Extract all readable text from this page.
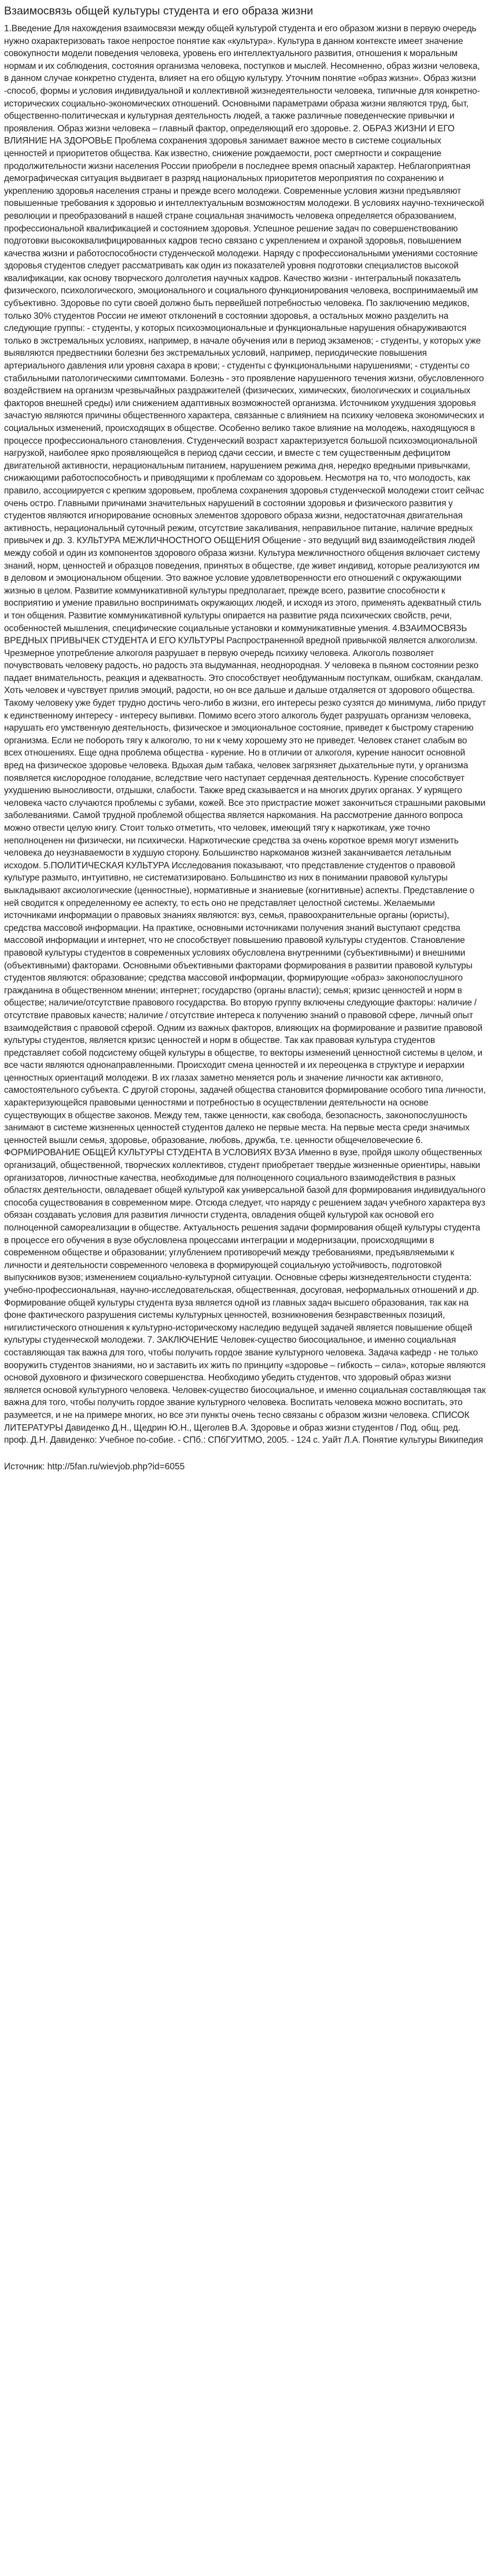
Взаимосвязь общей культуры студента и его образа жизни

1.Введение Для нахождения взаимосвязи между общей культурой студента и его образом жизни в первую очередь нужно охарактеризовать такое непростое понятие как «культура». Культура в данном контексте имеет значение совокупности модели поведения человека, уровень его интеллектуального развития, отношения к моральным нормам и их соблюдения, состояния организма человека, поступков и мыслей. Несомненно, образ жизни человека, в данном случае конкретно студента, влияет на его общую культуру. Уточним понятие «образ жизни». Образ жизни -способ, формы и условия индивидуальной и коллективной жизнедеятельности человека, типичные для конкретно-исторических социально-экономических отношений. Основными параметрами образа жизни являются труд, быт, общественно-политическая и культурная деятельность людей, а также различные поведенческие привычки и проявления. Образ жизни человека – главный фактор, определяющий его здоровье. 2. ОБРАЗ ЖИЗНИ И ЕГО ВЛИЯНИЕ НА ЗДОРОВЬЕ Проблема сохранения здоровья занимает важное место в системе социальных ценностей и приоритетов общества. Как известно, снижение рождаемости, рост смертности и сокращение продолжительности жизни населения России приобрели в последнее время опасный характер. Неблагоприятная демографическая ситуация выдвигает в разряд национальных приоритетов мероприятия по сохранению и укреплению здоровья населения страны и прежде всего молодежи. Современные условия жизни предъявляют повышенные требования к здоровью и интеллектуальным возможностям молодежи. В условиях научно-технической революции и преобразований в нашей стране социальная значимость человека определяется образованием, профессиональной квалификацией и состоянием здоровья. Успешное решение задач по совершенствованию подготовки высококвалифицированных кадров тесно связано с укреплением и охраной здоровья, повышением качества жизни и работоспособности студенческой молодежи. Наряду с профессиональными умениями состояние здоровья студентов следует рассматривать как один из показателей уровня подготовки специалистов высокой квалификации, как основу творческого долголетия научных кадров. Качество жизни - интегральный показатель физического, психологического, эмоционального и социального функционирования человека, воспринимаемый им субъективно. Здоровье по сути своей должно быть первейшей потребностью человека. По заключению медиков, только 30% студентов России не имеют отклонений в состоянии здоровья, а остальных можно разделить на следующие группы: - студенты, у которых психоэмоциональные и функциональные нарушения обнаруживаются только в экстремальных условиях, например, в начале обучения или в период экзаменов; - студенты, у которых уже выявляются предвестники болезни без экстремальных условий, например, периодические повышения артериального давления или уровня сахара в крови; - студенты с функциональными нарушениями; - студенты со стабильными патологическими симптомами. Болезнь - это проявление нарушенного течения жизни, обусловленного воздействием на организм чрезвычайных раздражителей (физических, химических, биологических и социальных факторов внешней среды) или снижением адаптивных возможностей организма. Источником ухудшения здоровья зачастую являются причины общественного характера, связанные с влиянием на психику человека экономических и социальных изменений, происходящих в обществе. Особенно велико такое влияние на молодежь, находящуюся в процессе профессионального становления. Студенческий возраст характеризуется большой психоэмоциональной нагрузкой, наиболее ярко проявляющейся в период сдачи сессии, и вместе с тем существенным дефицитом двигательной активности, нерациональным питанием, нарушением режима дня, нередко вредными привычками, снижающими работоспособность и приводящими к проблемам со здоровьем. Несмотря на то, что молодость, как правило, ассоциируется с крепким здоровьем, проблема сохранения здоровья студенческой молодежи стоит сейчас очень остро. Главными причинами значительных нарушений в состоянии здоровья и физического развития у студентов являются игнорирование основных элементов здорового образа жизни, недостаточная двигательная активность, нерациональный суточный режим, отсутствие закаливания, неправильное питание, наличие вредных привычек и др. 3. КУЛЬТУРА МЕЖЛИЧНОСТНОГО ОБЩЕНИЯ Общение - это ведущий вид взаимодействия людей между собой и один из компонентов здорового образа жизни. Культура межличностного общения включает систему знаний, норм, ценностей и образцов поведения, принятых в обществе, где живет индивид, которые реализуются им в деловом и эмоциональном общении. Это важное условие удовлетворенности его отношений с окружающими жизнью в целом. Развитие коммуникативной культуры предполагает, прежде всего, развитие способности к восприятию и умение правильно воспринимать окружающих людей, и исходя из этого, применять адекватный стиль и тон общения. Развитие коммуникативной культуры опирается на развитие ряда психических свойств, речи, особенностей мышления, специфические социальные установки и коммуникативные умения. 4.ВЗАИМОСВЯЗЬ ВРЕДНЫХ ПРИВЫЧЕК СТУДЕНТА И ЕГО КУЛЬТУРЫ Распространенной вредной привычкой является алкоголизм. Чрезмерное употребление алкоголя разрушает в первую очередь психику человека. Алкоголь позволяет почувствовать человеку радость, но радость эта выдуманная, неоднородная. У человека в пьяном состоянии резко падает внимательность, реакция и адекватность. Это способствует необдуманным поступкам, ошибкам, скандалам. Хоть человек и чувствует прилив эмоций, радости, но он все дальше и дальше отдаляется от здорового общества. Такому человеку уже будет трудно достичь чего-либо в жизни, его интересы резко сузятся до минимума, либо придут к единственному интересу - интересу выпивки. Помимо всего этого алкоголь будет разрушать организм человека, нарушать его умственную деятельность, физическое и эмоциональное состояние, приведет к быстрому старению организма. Если не побороть тягу к алкоголю, то ни к чему хорошему это не приведет. Человек станет слабым во всех отношениях. Еще одна проблема общества - курение. Но в отличии от алкоголя, курение наносит основной вред на физическое здоровье человека. Вдыхая дым табака, человек загрязняет дыхательные пути, у организма появляется кислородное голодание, вследствие чего наступает сердечная деятельность. Курение способствует ухудшению выносливости, отдышки, слабости. Также вред сказывается и на многих других органах. У курящего человека часто случаются проблемы с зубами, кожей. Все это пристрастие может закончиться страшными раковыми заболеваниями. Самой трудной проблемой общества является наркомания. На рассмотрение данного вопроса можно отвести целую книгу. Стоит только отметить, что человек, имеющий тягу к наркотикам, уже точно неполноценен ни физически, ни психически. Наркотические средства за очень короткое время могут изменить человека до неузнаваемости в худшую сторону. Большинство наркоманов жизней заканчивается летальным исходом. 5.ПОЛИТИЧЕСКАЯ КУЛЬТУРА Исследования показывают, что представление студентов о правовой культуре размыто, интуитивно, не систематизировано. Большинство из них в понимании правовой культуры выкладывают аксиологические (ценностные), нормативные и знаниевые (когнитивные) аспекты. Представление о ней сводится к определенному ее аспекту, то есть оно не представляет целостной системы. Желаемыми источниками информации о правовых знаниях являются: вуз, семья, правоохранительные органы (юристы), средства массовой информации. На практике, основными источниками получения знаний выступают средства массовой информации и интернет, что не способствует повышению правовой культуры студентов. Становление правовой культуры студентов в современных условиях обусловлена внутренними (субъективными) и внешними (объективными) факторами. Основными объективными факторами формирования в развитии правовой культуры студентов являются: образование; средства массовой информации, формирующие «образ» законопослушного гражданина в общественном мнении; интернет; государство (органы власти); семья; кризис ценностей и норм в обществе; наличие/отсутствие правового государства. Во вторую группу включены следующие факторы: наличие / отсутствие правовых качеств; наличие / отсутствие интереса к получению знаний о правовой сфере, личный опыт взаимодействия с правовой сферой. Одним из важных факторов, влияющих на формирование и развитие правовой культуры студентов, является кризис ценностей и норм в обществе. Так как правовая культура студентов представляет собой подсистему общей культуры в обществе, то векторы изменений ценностной системы в целом, и все части являются однонаправленными. Происходит смена ценностей и их переоценка в структуре и иерархии ценностных ориентаций молодежи. В их глазах заметно меняется роль и значение личности как активного, самостоятельного субъекта. С другой стороны, задачей общества становится формирование особого типа личности, характеризующейся правовыми ценностями и потребностью в осуществлении деятельности на основе существующих в обществе законов. Между тем, также ценности, как свобода, безопасность, законопослушность занимают в системе жизненных ценностей студентов далеко не первые места. На первые места среди значимых ценностей вышли семья, здоровье, образование, любовь, дружба, т.е. ценности общечеловеческие 6. ФОРМИРОВАНИЕ ОБЩЕЙ КУЛЬТУРЫ СТУДЕНТА В УСЛОВИЯХ ВУЗА Именно в вузе, пройдя школу общественных организаций, общественной, творческих коллективов, студент приобретает твердые жизненные ориентиры, навыки организаторов, личностные качества, необходимые для полноценного социального взаимодействия в разных областях деятельности, овладевает общей культурой как универсальной базой для формирования индивидуального способа существования в современном мире. Отсюда следует, что наряду с решением задач учебного характера вуз обязан создавать условия для развития личности студента, овладения общей культурой как основой его полноценной самореализации в обществе. Актуальность решения задачи формирования общей культуры студента в процессе его обучения в вузе обусловлена процессами интеграции и модернизации, происходящими в современном обществе и образовании; углублением противоречий между требованиями, предъявляемыми к личности и деятельности современного человека в формирующей социальную устойчивость, подготовкой выпускников вузов; изменением социально-культурной ситуации. Основные сферы жизнедеятельности студента: учебно-профессиональная, научно-исследовательская, общественная, досуговая, неформальных отношений и др. Формирование общей культуры студента вуза является одной из главных задач высшего образования, так как на фоне фактического разрушения системы культурных ценностей, возникновения безнравственных позиций, нигилистического отношения к культурно-историческому наследию ведущей задачей является повышение общей культуры студенческой молодежи. 7. ЗАКЛЮЧЕНИЕ Человек-существо биосоциальное, и именно социальная составляющая так важна для того, чтобы получить гордое звание культурного человека. Задача кафедр - не только вооружить студентов знаниями, но и заставить их жить по принципу «здоровье – гибкость – сила», которые являются основой духовного и физического совершенства. Необходимо убедить студентов, что здоровый образ жизни является основой культурного человека. Человек-существо биосоциальное, и именно социальная составляющая так важна для того, чтобы получить гордое звание культурного человека. Воспитать человека можно воспитать, это разумеется, и не на примере многих, но все эти пункты очень тесно связаны с образом жизни человека. СПИСОК ЛИТЕРАТУРЫ Давиденко Д.Н., Щедрин Ю.Н., Щеголев В.А. Здоровье и образ жизни студентов / Под. общ. ред. проф. Д.Н. Давиденко: Учебное по-собие. - СПб.: СПбГУИТМО, 2005. - 124 с. Уайт Л.А. Понятие культуры Википедия

Источник: http://5fan.ru/wievjob.php?id=6055
